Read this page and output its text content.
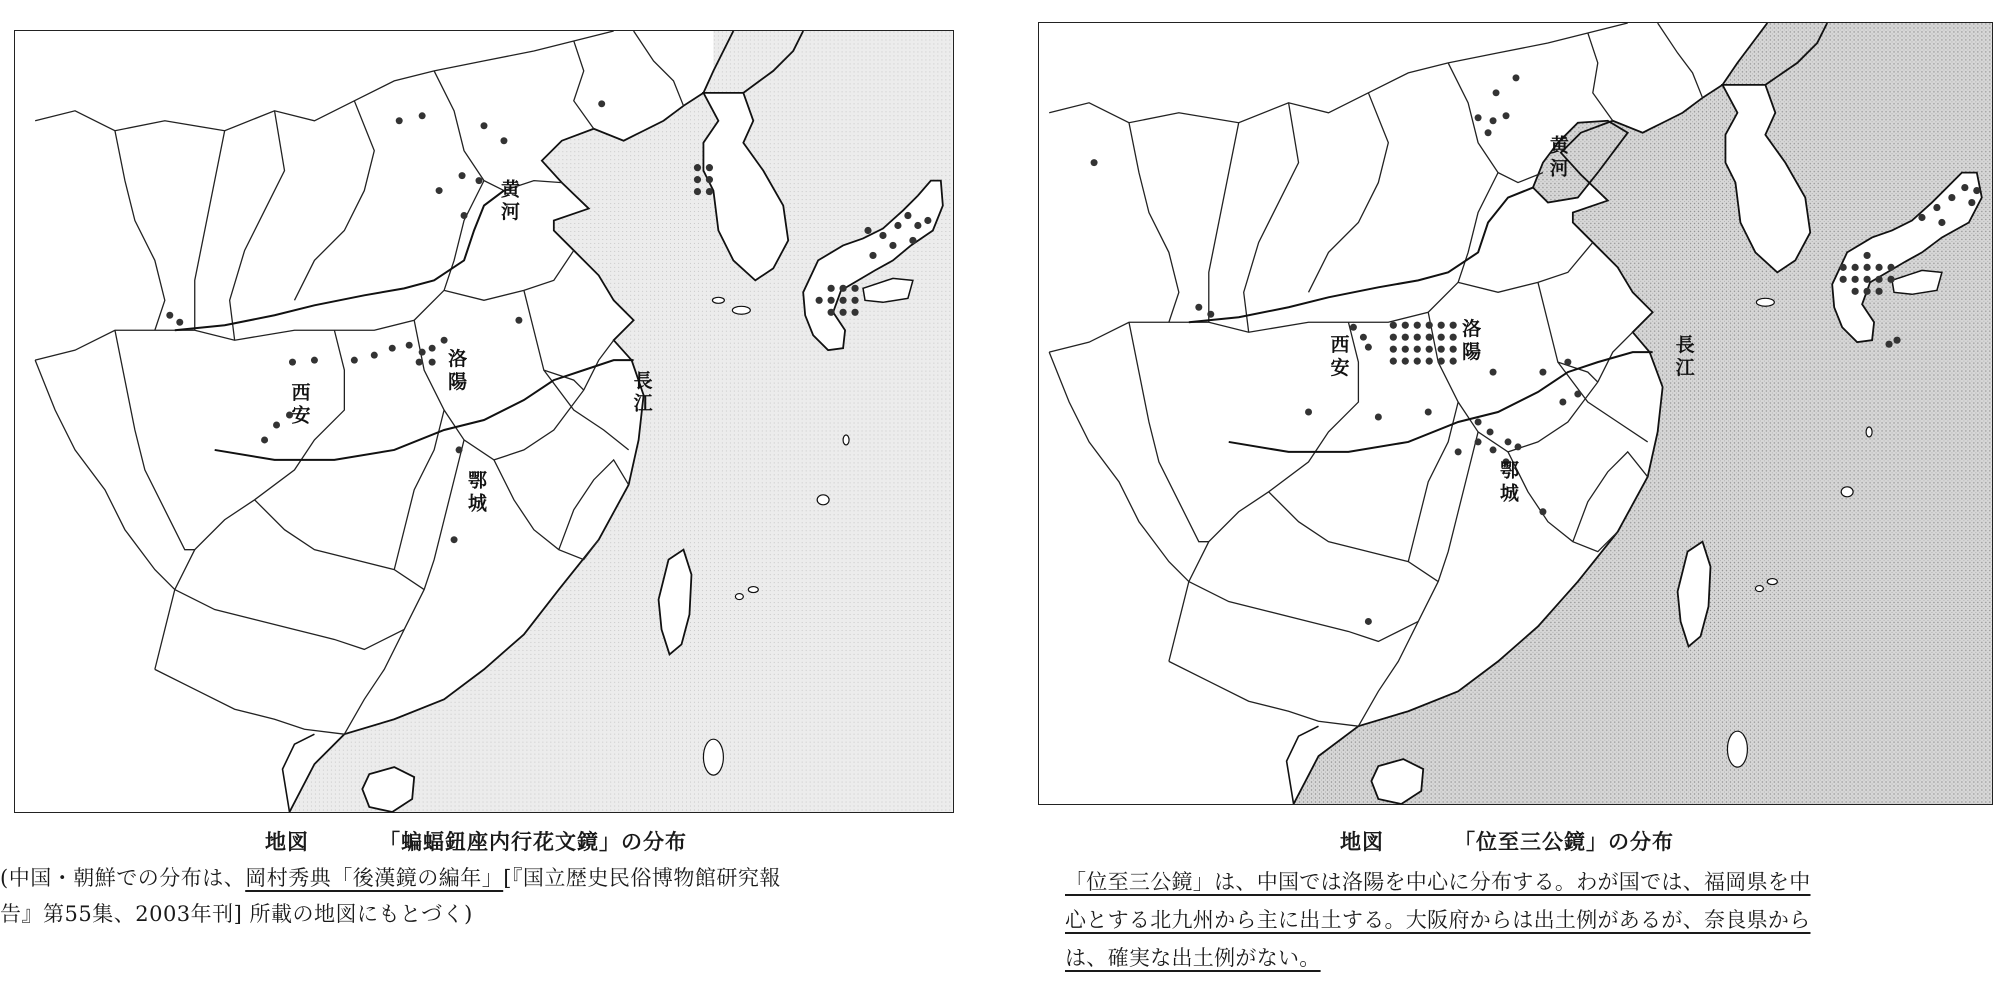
黄河
洛陽
西安	長江
鄂城
地図	「蝙蝠鈕座内行花文鏡」の分布
(中国・朝鮮での分布は、岡村秀典「後漢鏡の編年」[『国立歴史民俗博物館研究報
告』第55集、2003年刊] 所載の地図にもとづく)
黄河
洛陽
西安	長江
鄂城
地図	「位至三公鏡」の分布
「位至三公鏡」は、中国では洛陽を中心に分布する。わが国では、福岡県を中
心とする北九州から主に出土する。大阪府からは出土例があるが、奈良県から
は、確実な出土例がない。
